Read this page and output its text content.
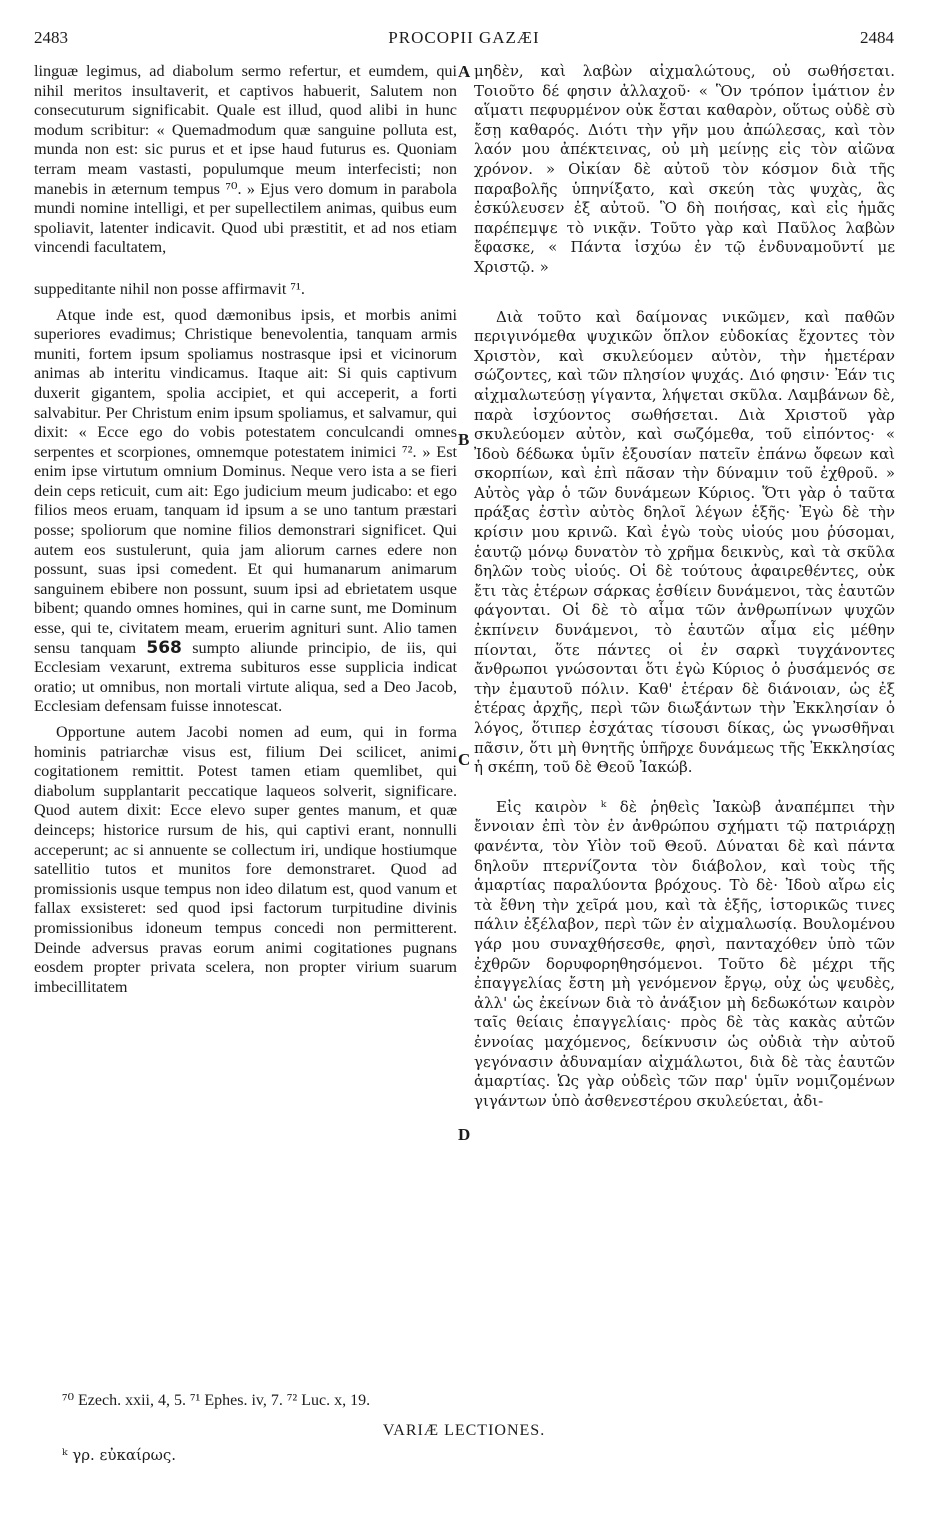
2483	PROCOPII GAZÆI	2484

linguæ legimus, ad diabolum sermo refertur, et eumdem, qui nihil meritos insultaverit, et captivos habuerit, Salutem non consecuturum significabit. Quale est illud, quod alibi in hunc modum scribitur: « Quemadmodum quæ sanguine polluta est, munda non est: sic purus et et ipse haud futurus es. Quoniam terram meam vastasti, populumque meum interfecisti; non manebis in æternum tempus ⁷⁰. » Ejus vero domum in parabola mundi nomine intelligi, et per supellectilem animas, quibus eum spoliavit, latenter indicavit. Quod ubi præstitit, et ad nos etiam vincendi facultatem,

suppeditante nihil non posse affirmavit ⁷¹.

Atque inde est, quod dæmonibus ipsis, et morbis animi superiores evadimus; Christique benevolentia, tanquam armis muniti, fortem ipsum spoliamus nostrasque ipsi et vicinorum animas ab interitu vindicamus. Itaque ait: Si quis captivum duxerit gigantem, spolia accipiet, et qui acceperit, a forti salvabitur. Per Christum enim ipsum spoliamus, et salvamur, qui dixit: « Ecce ego do vobis potestatem conculcandi omnes serpentes et scorpiones, omnemque potestatem inimici ⁷². » Est enim ipse virtutum omnium Dominus. Neque vero ista a se fieri dein ceps reticuit, cum ait: Ego judicium meum judicabo: et ego filios meos eruam, tanquam id ipsum a se uno tantum præstari posse; spoliorum que nomine filios demonstrari significet. Qui autem eos sustulerunt, quia jam aliorum carnes edere non possunt, suas ipsi comedent. Et qui humanarum animarum sanguinem ebibere non possunt, suum ipsi ad ebrietatem usque bibent; quando omnes homines, qui in carne sunt, me Dominum esse, qui te, civitatem meam, eruerim agnituri sunt. Alio tamen sensu tanquam 568 sumpto aliunde principio, de iis, qui Ecclesiam vexarunt, extrema subituros esse supplicia indicat oratio; ut omnibus, non mortali virtute aliqua, sed a Deo Jacob, Ecclesiam defensam fuisse innotescat.

Opportune autem Jacobi nomen ad eum, qui in forma hominis patriarchæ visus est, filium Dei scilicet, animi cogitationem remittit. Potest tamen etiam quemlibet, qui diabolum supplantarit peccatique laqueos solverit, significare. Quod autem dixit: Ecce elevo super gentes manum, et quæ deinceps; historice rursum de his, qui captivi erant, nonnulli acceperunt; ac si annuente se collectum iri, undique hostiumque satellitio tutos et munitos fore demonstraret. Quod ad promissionis usque tempus non ideo dilatum est, quod vanum et fallax exsisteret: sed quod ipsi factorum turpitudine divinis promissionibus idoneum tempus concedi non permitterent. Deinde adversus pravas eorum animi cogitationes pugnans eosdem propter privata scelera, non propter virium suarum imbecillitatem

μηδὲν, καὶ λαβὼν αἰχμαλώτους, οὐ σωθήσεται. Τοιοῦτο δέ φησιν ἀλλαχοῦ· « Ὃν τρόπον ἱμάτιον ἐν αἵματι πεφυρμένον οὐκ ἔσται καθαρὸν, οὕτως οὐδὲ σὺ ἔσῃ καθαρός. Διότι τὴν γῆν μου ἀπώλεσας, καὶ τὸν λαόν μου ἀπέκτεινας, οὐ μὴ μείνῃς εἰς τὸν αἰῶνα χρόνον. » Οἰκίαν δὲ αὐτοῦ τὸν κόσμον διὰ τῆς παραβολῆς ὑπηνίξατο, καὶ σκεύη τὰς ψυχὰς, ἃς ἐσκύλευσεν ἐξ αὐτοῦ. Ὃ δὴ ποιήσας, καὶ εἰς ἡμᾶς παρέπεμψε τὸ νικᾷν. Τοῦτο γὰρ καὶ Παῦλος λαβὼν ἔφασκε, « Πάντα ἰσχύω ἐν τῷ ἐνδυναμοῦντί με Χριστῷ. »

Διὰ τοῦτο καὶ δαίμονας νικῶμεν, καὶ παθῶν περιγινόμεθα ψυχικῶν ὅπλον εὐδοκίας ἔχοντες τὸν Χριστὸν, καὶ σκυλεύομεν αὐτὸν, τὴν ἡμετέραν σώζοντες, καὶ τῶν πλησίον ψυχάς. Διό φησιν· Ἐάν τις αἰχμαλωτεύσῃ γίγαντα, λήψεται σκῦλα. Λαμβάνων δὲ, παρὰ ἰσχύοντος σωθήσεται. Διὰ Χριστοῦ γὰρ σκυλεύομεν αὐτὸν, καὶ σωζόμεθα, τοῦ εἰπόντος· « Ἰδοὺ δέδωκα ὑμῖν ἐξουσίαν πατεῖν ἐπάνω ὄφεων καὶ σκορπίων, καὶ ἐπὶ πᾶσαν τὴν δύναμιν τοῦ ἐχθροῦ. » Αὐτὸς γὰρ ὁ τῶν δυνάμεων Κύριος. Ὅτι γὰρ ὁ ταῦτα πράξας ἐστὶν αὐτὸς δηλοῖ λέγων ἑξῆς· Ἐγὼ δὲ τὴν κρίσιν μου κρινῶ. Καὶ ἐγὼ τοὺς υἱούς μου ῥύσομαι, ἑαυτῷ μόνῳ δυνατὸν τὸ χρῆμα δεικνὺς, καὶ τὰ σκῦλα δηλῶν τοὺς υἱούς. Οἱ δὲ τούτους ἀφαιρεθέντες, οὐκ ἔτι τὰς ἑτέρων σάρκας ἐσθίειν δυνάμενοι, τὰς ἑαυτῶν φάγονται. Οἱ δὲ τὸ αἷμα τῶν ἀνθρωπίνων ψυχῶν ἐκπίνειν δυνάμενοι, τὸ ἑαυτῶν αἷμα εἰς μέθην πίονται, ὅτε πάντες οἱ ἐν σαρκὶ τυγχάνοντες ἄνθρωποι γνώσονται ὅτι ἐγὼ Κύριος ὁ ῥυσάμενός σε τὴν ἐμαυτοῦ πόλιν. Καθ' ἑτέραν δὲ διάνοιαν, ὡς ἐξ ἑτέρας ἀρχῆς, περὶ τῶν διωξάντων τὴν Ἐκκλησίαν ὁ λόγος, ὅτιπερ ἐσχάτας τίσουσι δίκας, ὡς γνωσθῆναι πᾶσιν, ὅτι μὴ θνητῆς ὑπῆρχε δυνάμεως τῆς Ἐκκλησίας ἡ σκέπη, τοῦ δὲ Θεοῦ Ἰακώβ.

Εἰς καιρὸν ᵏ δὲ ῥηθεὶς Ἰακὼβ ἀναπέμπει τὴν ἔννοιαν ἐπὶ τὸν ἐν ἀνθρώπου σχήματι τῷ πατριάρχῃ φανέντα, τὸν Υἱὸν τοῦ Θεοῦ. Δύναται δὲ καὶ πάντα δηλοῦν πτερνίζοντα τὸν διάβολον, καὶ τοὺς τῆς ἁμαρτίας παραλύοντα βρόχους. Τὸ δὲ· Ἰδοὺ αἴρω εἰς τὰ ἔθνη τὴν χεῖρά μου, καὶ τὰ ἑξῆς, ἱστορικῶς τινες πάλιν ἐξέλαβον, περὶ τῶν ἐν αἰχμαλωσίᾳ. Βουλομένου γάρ μου συναχθήσεσθε, φησὶ, πανταχόθεν ὑπὸ τῶν ἐχθρῶν δορυφορηθησόμενοι. Τοῦτο δὲ μέχρι τῆς ἐπαγγελίας ἔστη μὴ γενόμενον ἔργῳ, οὐχ ὡς ψευδὲς, ἀλλ' ὡς ἐκείνων διὰ τὸ ἀνάξιον μὴ δεδωκότων καιρὸν ταῖς θείαις ἐπαγγελίαις· πρὸς δὲ τὰς κακὰς αὐτῶν ἐννοίας μαχόμενος, δείκνυσιν ὡς οὐδιὰ τὴν αὐτοῦ γεγόνασιν ἀδυναμίαν αἰχμάλωτοι, διὰ δὲ τὰς ἑαυτῶν ἁμαρτίας. Ὡς γὰρ οὐδεὶς τῶν παρ' ὑμῖν νομιζομένων γιγάντων ὑπὸ ἀσθενεστέρου σκυλεύεται, ἀδι-

A
B
C
D
⁷⁰ Ezech. xxii, 4, 5. ⁷¹ Ephes. iv, 7. ⁷² Luc. x, 19.
VARIÆ LECTIONES.
ᵏ γρ. εὐκαίρως.
